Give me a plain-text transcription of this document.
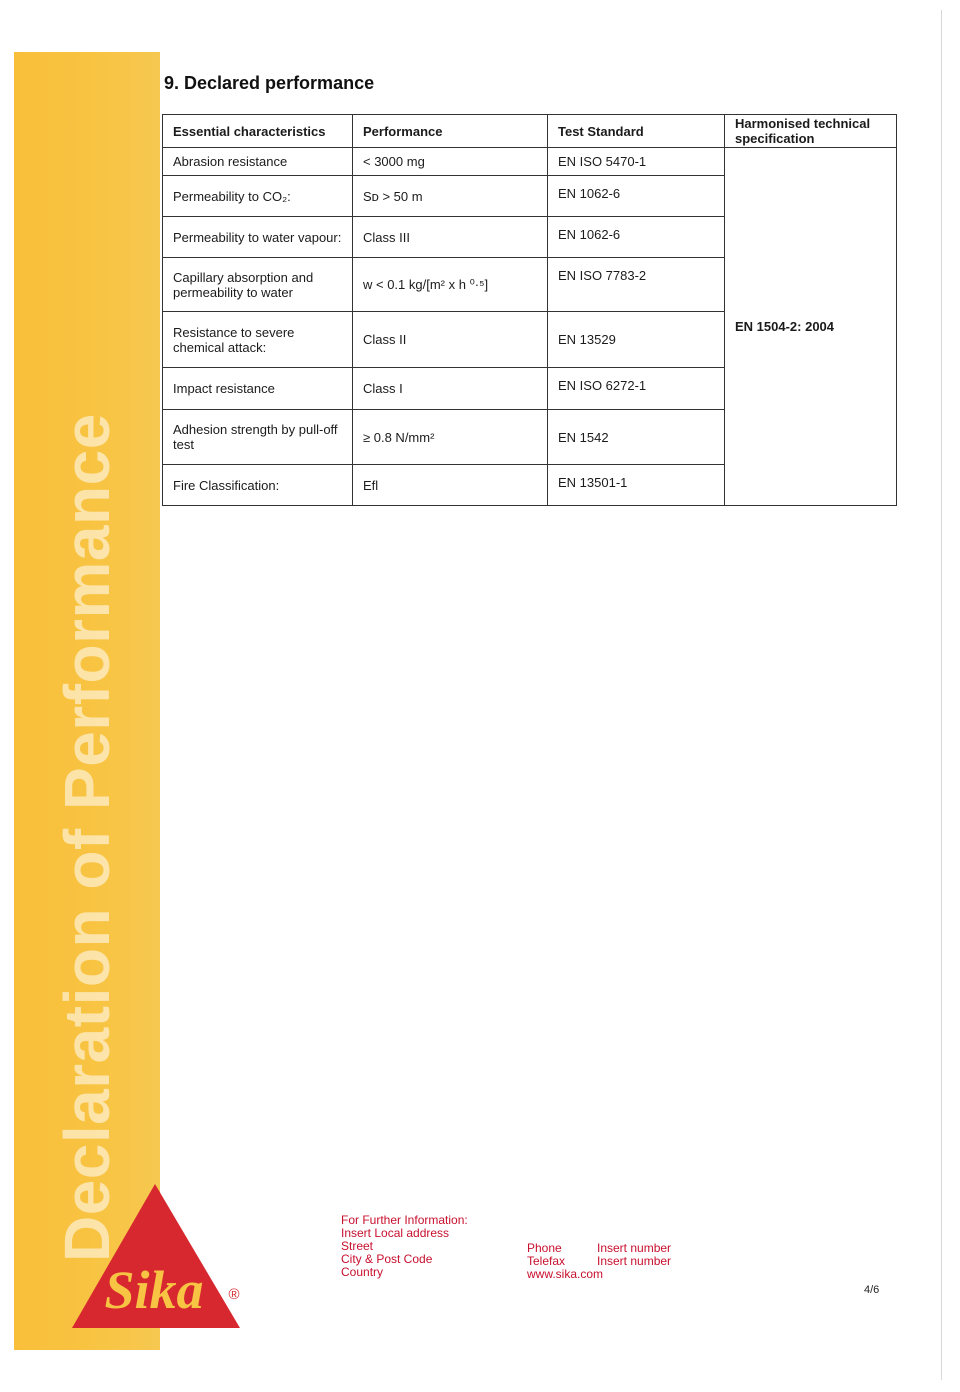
Declaration of Performance
9. Declared performance
Essential characteristics	Performance	Test Standard	Harmonised technical specification
Abrasion resistance	< 3000 mg	EN ISO 5470-1	EN 1504-2: 2004
Permeability to CO₂:	Sᴅ > 50 m	EN 1062-6	
Permeability to water vapour:	Class III	EN 1062-6	
Capillary absorption and permeability to water	w < 0.1 kg/[m² x h ⁰·⁵]	EN ISO 7783-2	
Resistance to severe chemical attack:	Class II	EN 13529	
Impact resistance	Class I	EN ISO 6272-1	
Adhesion strength by pull-off test	≥ 0.8 N/mm²	EN 1542	
Fire Classification:	Efl	EN 13501-1	
Sika ®
For Further Information:
Insert Local address
Street
City & Post Code
Country
Phone
Telefax
www.sika.com
Insert number
Insert number
4/6
